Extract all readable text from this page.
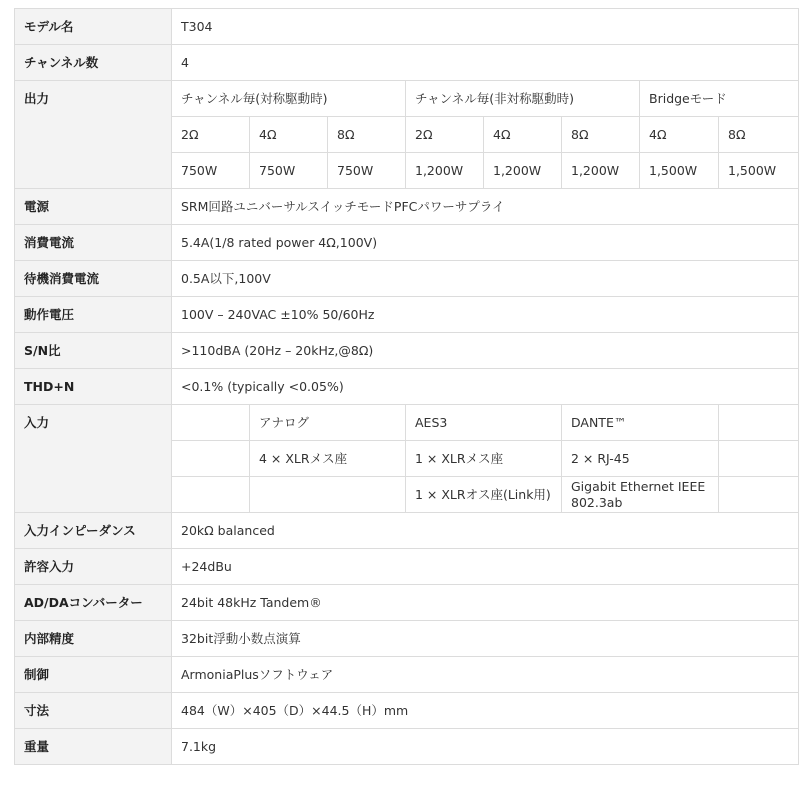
モデル名	T304							
チャンネル数	4							
出力	チャンネル毎(対称駆動時)			チャンネル毎(非対称駆動時)			Bridgeモード	
	2Ω	4Ω	8Ω	2Ω	4Ω	8Ω	4Ω	8Ω
	750W	750W	750W	1,200W	1,200W	1,200W	1,500W	1,500W
電源	SRM回路ユニバーサルスイッチモードPFCパワーサプライ							
消費電流	5.4A(1/8 rated power 4Ω,100V)							
待機消費電流	0.5A以下,100V							
動作電圧	100V – 240VAC ±10% 50/60Hz							
S/N比	>110dBA (20Hz – 20kHz,@8Ω)							
THD+N	<0.1% (typically <0.05%)							
入力		アナログ		AES3		DANTE™		
		4 × XLRメス座		1 × XLRメス座		2 × RJ-45		
				1 × XLRオス座(Link用)		Gigabit Ethernet IEEE 802.3ab		
入力インピーダンス	20kΩ balanced							
許容入力	+24dBu							
AD/DAコンバーター	24bit 48kHz Tandem®							
内部精度	32bit浮動小数点演算							
制御	ArmoniaPlusソフトウェア							
寸法	484（W）×405（D）×44.5（H）mm							
重量	7.1kg							
